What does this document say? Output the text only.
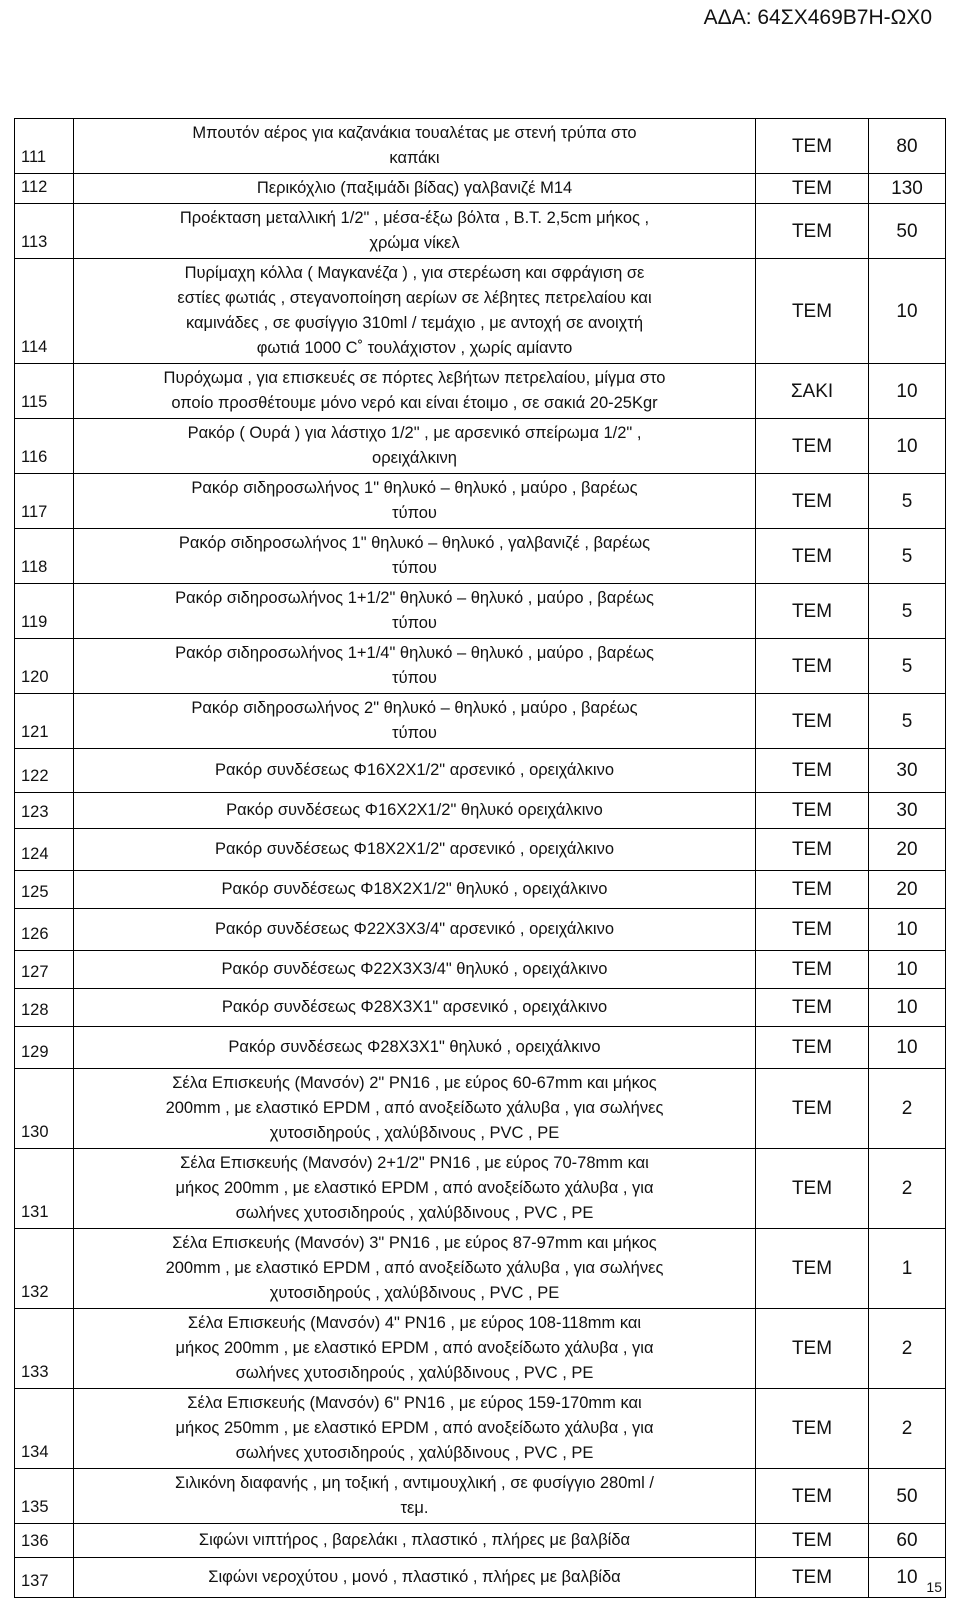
ΑΔΑ: 64ΣΧ469Β7Η-ΩΧ0
111	Μπουτόν αέρος για καζανάκια τουαλέτας με στενή τρύπα στο
καπάκι	ΤΕΜ	80
112	Περικόχλιο (παξιμάδι βίδας) γαλβανιζέ Μ14	ΤΕΜ	130
113	Προέκταση μεταλλική 1/2" , μέσα-έξω βόλτα , Β.Τ. 2,5cm μήκος ,
χρώμα νίκελ	ΤΕΜ	50
114	Πυρίμαχη κόλλα ( Μαγκανέζα ) , για στερέωση και σφράγιση σε
εστίες φωτιάς , στεγανοποίηση αερίων σε λέβητες πετρελαίου και
καμινάδες , σε φυσίγγιο 310ml / τεμάχιο , με αντοχή σε ανοιχτή
φωτιά 1000 C˚ τουλάχιστον , χωρίς αμίαντο	ΤΕΜ	10
115	Πυρόχωμα , για επισκευές σε πόρτες λεβήτων πετρελαίου, μίγμα στο
οποίο προσθέτουμε μόνο νερό και είναι έτοιμο , σε σακιά 20-25Kgr	ΣΑΚΙ	10
116	Ρακόρ ( Ουρά ) για λάστιχο 1/2" , με αρσενικό σπείρωμα 1/2" ,
ορειχάλκινη	ΤΕΜ	10
117	Ρακόρ σιδηροσωλήνος 1" θηλυκό – θηλυκό , μαύρο , βαρέως
τύπου	ΤΕΜ	5
118	Ρακόρ σιδηροσωλήνος 1" θηλυκό – θηλυκό , γαλβανιζέ , βαρέως
τύπου	ΤΕΜ	5
119	Ρακόρ σιδηροσωλήνος 1+1/2" θηλυκό – θηλυκό , μαύρο , βαρέως
τύπου	ΤΕΜ	5
120	Ρακόρ σιδηροσωλήνος 1+1/4" θηλυκό – θηλυκό , μαύρο , βαρέως
τύπου	ΤΕΜ	5
121	Ρακόρ σιδηροσωλήνος 2" θηλυκό – θηλυκό , μαύρο , βαρέως
τύπου	ΤΕΜ	5
122	Ρακόρ συνδέσεως Φ16Χ2Χ1/2" αρσενικό , ορειχάλκινο	ΤΕΜ	30
123	Ρακόρ συνδέσεως Φ16Χ2Χ1/2" θηλυκό ορειχάλκινο	ΤΕΜ	30
124	Ρακόρ συνδέσεως Φ18Χ2Χ1/2" αρσενικό , ορειχάλκινο	ΤΕΜ	20
125	Ρακόρ συνδέσεως Φ18Χ2Χ1/2" θηλυκό , ορειχάλκινο	ΤΕΜ	20
126	Ρακόρ συνδέσεως Φ22Χ3Χ3/4" αρσενικό , ορειχάλκινο	ΤΕΜ	10
127	Ρακόρ συνδέσεως Φ22Χ3Χ3/4" θηλυκό , ορειχάλκινο	ΤΕΜ	10
128	Ρακόρ συνδέσεως Φ28Χ3Χ1" αρσενικό , ορειχάλκινο	ΤΕΜ	10
129	Ρακόρ συνδέσεως Φ28Χ3Χ1" θηλυκό , ορειχάλκινο	ΤΕΜ	10
130	Σέλα Επισκευής (Μανσόν) 2" ΡΝ16 , με εύρος 60-67mm και μήκος
200mm , με ελαστικό EPDM , από ανοξείδωτο χάλυβα , για σωλήνες
χυτοσιδηρούς , χαλύβδινους , PVC , PE	ΤΕΜ	2
131	Σέλα Επισκευής (Μανσόν) 2+1/2" ΡΝ16 , με εύρος 70-78mm και
μήκος 200mm , με ελαστικό EPDM , από ανοξείδωτο χάλυβα , για
σωλήνες χυτοσιδηρούς , χαλύβδινους , PVC , PE	ΤΕΜ	2
132	Σέλα Επισκευής (Μανσόν) 3" ΡΝ16 , με εύρος 87-97mm και μήκος
200mm , με ελαστικό EPDM , από ανοξείδωτο χάλυβα , για σωλήνες
χυτοσιδηρούς , χαλύβδινους , PVC , PE	ΤΕΜ	1
133	Σέλα Επισκευής (Μανσόν) 4" ΡΝ16 , με εύρος 108-118mm και
μήκος 200mm , με ελαστικό EPDM , από ανοξείδωτο χάλυβα , για
σωλήνες χυτοσιδηρούς , χαλύβδινους , PVC , PE	ΤΕΜ	2
134	Σέλα Επισκευής (Μανσόν) 6" ΡΝ16 , με εύρος 159-170mm και
μήκος 250mm , με ελαστικό EPDM , από ανοξείδωτο χάλυβα , για
σωλήνες χυτοσιδηρούς , χαλύβδινους , PVC , PE	ΤΕΜ	2
135	Σιλικόνη διαφανής , μη τοξική , αντιμουχλική , σε φυσίγγιο 280ml /
τεμ.	ΤΕΜ	50
136	Σιφώνι νιπτήρος , βαρελάκι , πλαστικό , πλήρες με βαλβίδα	ΤΕΜ	60
137	Σιφώνι νεροχύτου , μονό , πλαστικό , πλήρες με βαλβίδα	ΤΕΜ	10 15
